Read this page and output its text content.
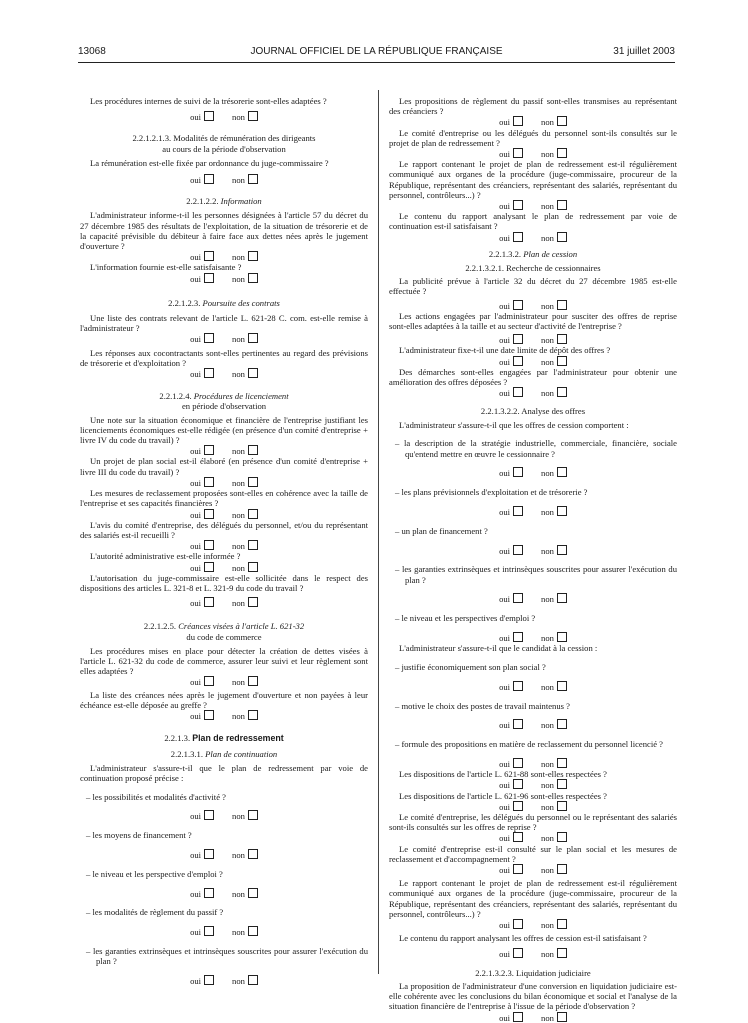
13068	JOURNAL OFFICIEL DE LA RÉPUBLIQUE FRANÇAISE	31 juillet 2003

Les procédures internes de suivi de la trésorerie sont-elles adaptées ?

oui	non

2.2.1.2.1.3. Modalités de rémunération des dirigeants

au cours de la période d'observation

La rémunération est-elle fixée par ordonnance du juge-commissaire ?

oui	non

2.2.1.2.2. Information

L'administrateur informe-t-il les personnes désignées à l'article 57 du décret du 27 décembre 1985 des résultats de l'exploitation, de la situation de trésorerie et de la capacité prévisible du débiteur à faire face aux dettes nées après le jugement d'ouverture ?

oui	non

L'information fournie est-elle satisfaisante ?

oui	non

2.2.1.2.3. Poursuite des contrats

Une liste des contrats relevant de l'article L. 621-28 C. com. est-elle remise à l'administrateur ?

oui	non

Les réponses aux cocontractants sont-elles pertinentes au regard des prévisions de trésorerie et d'exploitation ?

oui	non

2.2.1.2.4. Procédures de licenciement

en période d'observation

Une note sur la situation économique et financière de l'entreprise justifiant les licenciements économiques est-elle rédigée (en présence d'un comité d'entreprise + livre IV du code du travail) ?

oui	non

Un projet de plan social est-il élaboré (en présence d'un comité d'entreprise + livre III du code du travail) ?

oui	non

Les mesures de reclassement proposées sont-elles en cohérence avec la taille de l'entreprise et ses capacités financières ?

oui	non

L'avis du comité d'entreprise, des délégués du personnel, et/ou du représentant des salariés est-il recueilli ?

oui	non

L'autorité administrative est-elle informée ?

oui	non

L'autorisation du juge-commissaire est-elle sollicitée dans le respect des dispositions des articles L. 321-8 et L. 321-9 du code du travail ?

oui	non

2.2.1.2.5. Créances visées à l'article L. 621-32

du code de commerce

Les procédures mises en place pour détecter la création de dettes visées à l'article L. 621-32 du code de commerce, assurer leur suivi et leur règlement sont elles adaptées ?

oui	non

La liste des créances nées après le jugement d'ouverture et non payées à leur échéance est-elle déposée au greffe ?

oui	non

2.2.1.3. Plan de redressement

2.2.1.3.1. Plan de continuation

L'administrateur s'assure-t-il que le plan de redressement par voie de continuation proposé précise :

– les possibilités et modalités d'activité ?

oui	non

– les moyens de financement ?

oui	non

– le niveau et les perspective d'emploi ?

oui	non

– les modalités de règlement du passif ?

oui	non

– les garanties extrinsèques et intrinsèques souscrites pour assurer l'exécution du plan ?

oui	non

Les propositions de règlement du passif sont-elles transmises au représentant des créanciers ?

oui	non

Le comité d'entreprise ou les délégués du personnel sont-ils consultés sur le projet de plan de redressement ?

oui	non

Le rapport contenant le projet de plan de redressement est-il régulièrement communiqué aux organes de la procédure (juge-commissaire, procureur de la République, représentant des créanciers, représentant des salariés, représentant du personnel, contrôleurs...) ?

oui	non

Le contenu du rapport analysant le plan de redressement par voie de continuation est-il satisfaisant ?

oui	non

2.2.1.3.2. Plan de cession

2.2.1.3.2.1. Recherche de cessionnaires

La publicité prévue à l'article 32 du décret du 27 décembre 1985 est-elle effectuée ?

oui	non

Les actions engagées par l'administrateur pour susciter des offres de reprise sont-elles adaptées à la taille et au secteur d'activité de l'entreprise ?

oui	non

L'administrateur fixe-t-il une date limite de dépôt des offres ?

oui	non

Des démarches sont-elles engagées par l'administrateur pour obtenir une amélioration des offres déposées ?

oui	non

2.2.1.3.2.2. Analyse des offres

L'administrateur s'assure-t-il que les offres de cession comportent :

– la description de la stratégie industrielle, commerciale, financière, sociale qu'entend mettre en œuvre le cessionnaire ?

oui	non

– les plans prévisionnels d'exploitation et de trésorerie ?

oui	non

– un plan de financement ?

oui	non

– les garanties extrinsèques et intrinsèques souscrites pour assurer l'exécution du plan ?

oui	non

– le niveau et les perspectives d'emploi ?

oui	non

L'administrateur s'assure-t-il que le candidat à la cession :

– justifie économiquement son plan social ?

oui	non

– motive le choix des postes de travail maintenus ?

oui	non

– formule des propositions en matière de reclassement du personnel licencié ?

oui	non

Les dispositions de l'article L. 621-88 sont-elles respectées ?

oui	non

Les dispositions de l'article L. 621-96 sont-elles respectées ?

oui	non

Le comité d'entreprise, les délégués du personnel ou le représentant des salariés sont-ils consultés sur les offres de reprise ?

oui	non

Le comité d'entreprise est-il consulté sur le plan social et les mesures de reclassement et d'accompagnement ?

oui	non

Le rapport contenant le projet de plan de redressement est-il régulièrement communiqué aux organes de la procédure (juge-commissaire, procureur de la République, représentant des créanciers, représentant des salariés, représentant du personnel, contrôleurs...) ?

oui	non

Le contenu du rapport analysant les offres de cession est-il satisfaisant ?

oui	non

2.2.1.3.2.3. Liquidation judiciaire

La proposition de l'administrateur d'une conversion en liquidation judiciaire est-elle cohérente avec les conclusions du bilan économique et social et l'analyse de la situation financière de l'entreprise à l'issue de la période d'observation ?

oui	non
